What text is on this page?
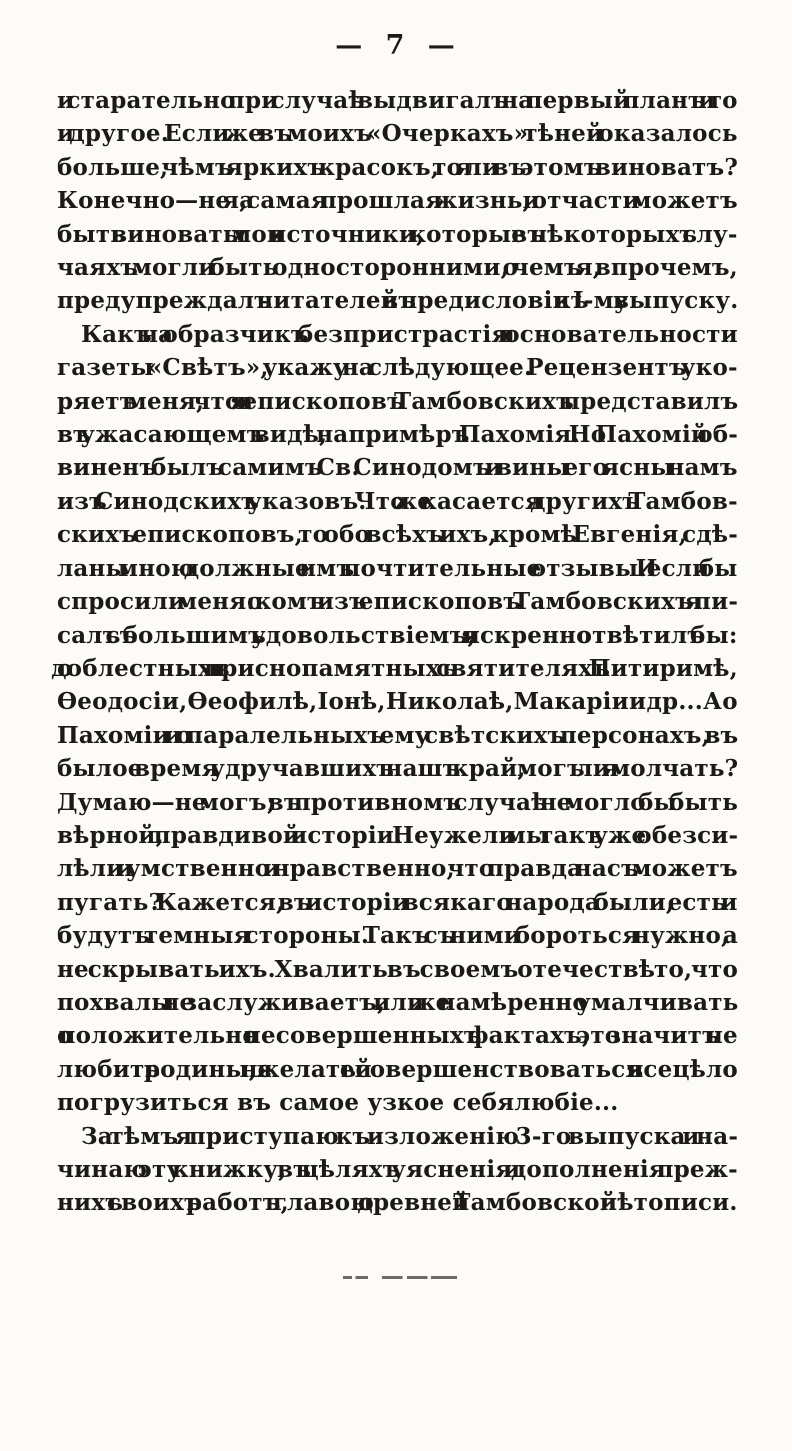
— 7 —
и старательно при случаѣ выдвигалъ на первый планъ и то
и другое. Если же въ моихъ «Очеркахъ» тѣней оказалось
больше, чѣмъ яркихъ красокъ, то я ли въ этомъ виноватъ?
Конечно—не я, а самая прошлая жизнь, и отчасти можетъ
быть виноваты мои источники, которые въ нѣкоторыхъ слу-
чаяхъ могли быть односторонними, о чемъ я, впрочемъ,
предупреждалъ читателей въ предисловіи къ I-му выпуску.
Какъ на образчикъ безпристрастія и основательности
газеты «Свѣтъ», укажу на слѣдующее. Рецензентъ уко-
ряетъ меня, что я и епископовъ Тамбовскихъ представилъ
въ ужасающемъ видѣ, напримѣръ Пахомія. Но Пахомій об-
виненъ былъ самимъ Св. Синодомъ и вины его ясны намъ
изъ Синодскихъ указовъ. Что же касается другихъ Тамбов-
скихъ епископовъ, то обо всѣхъ ихъ, кромѣ Евгенія, сдѣ-
ланы мною должные имъ почтительные отзывы. И если бы
спросили меня: о комъ изъ епископовъ Тамбовскихъ я пи-
салъ съ большимъ удовольствіемъ, я искренно отвѣтилъ бы:
о доблестныхъ и приснопамятныхъ святителяхъ Питиримѣ,
Ѳеодосіи, Ѳеофилѣ, Іонѣ, Николаѣ, Макаріи и др... А о
Пахоміи и о паралельныхъ ему свѣтскихъ персонахъ, въ
былое время удручавшихъ нашъ край, могъ ли я молчать?
Думаю—не могъ; въ противномъ случаѣ не могло бы быть
вѣрной, правдивой исторіи. Неужели мы такъ уже обезси-
лѣли и умственно и нравственно, что правда насъ можетъ
пугать? Кажется, въ исторіи всякаго народа были, есть и
будутъ темныя стороны. Такъ съ ними бороться нужно, а
не скрывать ихъ. Хвалить въ своемъ отечествѣ то, что
похвалы не заслуживаетъ, или же намѣренно умалчивать
о положительно несовершенныхъ фактахъ, это значитъ не
любить родины, не желать ей совершенствоваться и всецѣло
погрузиться въ самое узкое себялюбіе...
За тѣмъ я приступаю къ изложенію 3-го выпуска и на-
чинаю эту книжку, въ цѣляхъ уясненія и дополненія преж-
нихъ своихъ работъ, главою о древней Тамбовской лѣтописи.
